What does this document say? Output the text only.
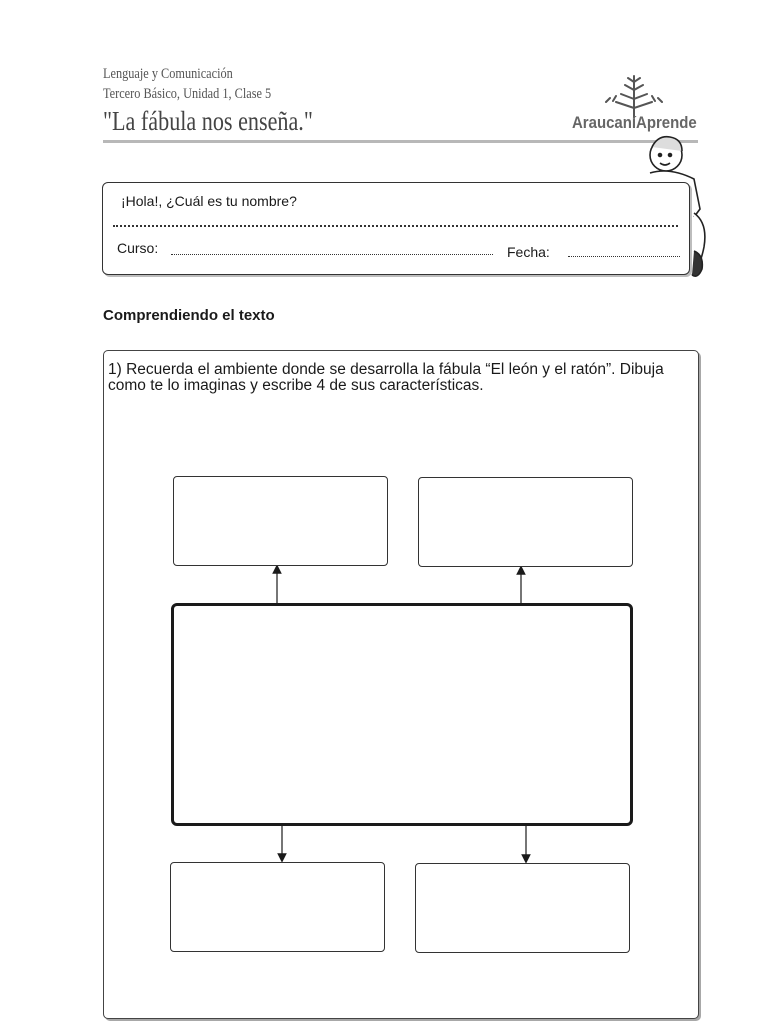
Lenguaje y Comunicación
Tercero Básico, Unidad 1, Clase 5
"La fábula nos enseña."	AraucaníAprende
¡Hola!, ¿Cuál es tu nombre?
Curso:	Fecha:
Comprendiendo el texto
1) Recuerda el ambiente donde se desarrolla la fábula “El león y el ratón”. Dibuja como te lo imaginas y escribe 4 de sus características.
